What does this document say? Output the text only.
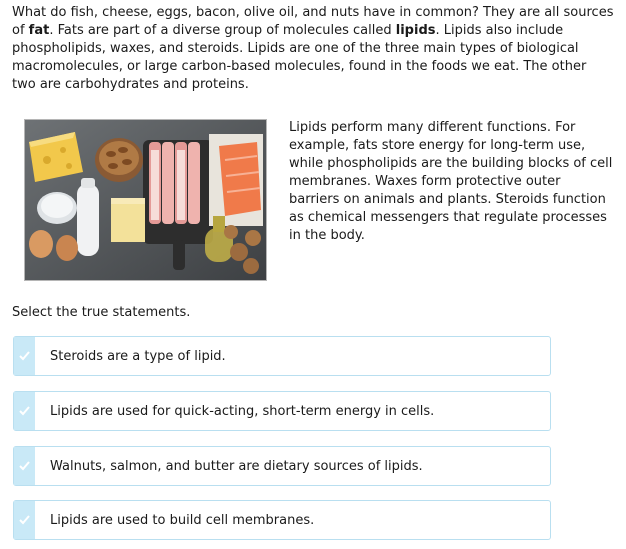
What do fish, cheese, eggs, bacon, olive oil, and nuts have in common? They are all sources of fat. Fats are part of a diverse group of molecules called lipids. Lipids also include phospholipids, waxes, and steroids. Lipids are one of the three main types of biological macromolecules, or large carbon-based molecules, found in the foods we eat. The other two are carbohydrates and proteins.

Lipids perform many different functions. For example, fats store energy for long-term use, while phospholipids are the building blocks of cell membranes. Waxes form protective outer barriers on animals and plants. Steroids function as chemical messengers that regulate processes in the body.

Select the true statements.

Steroids are a type of lipid.
Lipids are used for quick-acting, short-term energy in cells.
Walnuts, salmon, and butter are dietary sources of lipids.
Lipids are used to build cell membranes.
